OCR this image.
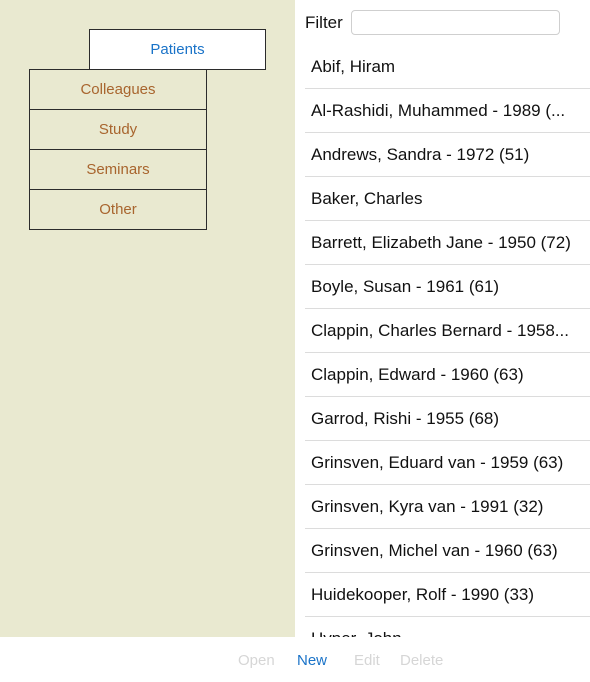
Patients
Colleagues
Study
Seminars
Other
Filter
Abif, Hiram
Al-Rashidi, Muhammed - 1989 (...
Andrews, Sandra - 1972 (51)
Baker, Charles
Barrett, Elizabeth Jane - 1950 (72)
Boyle, Susan - 1961 (61)
Clappin, Charles Bernard - 1958...
Clappin, Edward - 1960 (63)
Garrod, Rishi - 1955 (68)
Grinsven, Eduard van - 1959 (63)
Grinsven, Kyra van - 1991 (32)
Grinsven, Michel van - 1960 (63)
Huidekooper, Rolf - 1990 (33)
Open New Edit Delete
